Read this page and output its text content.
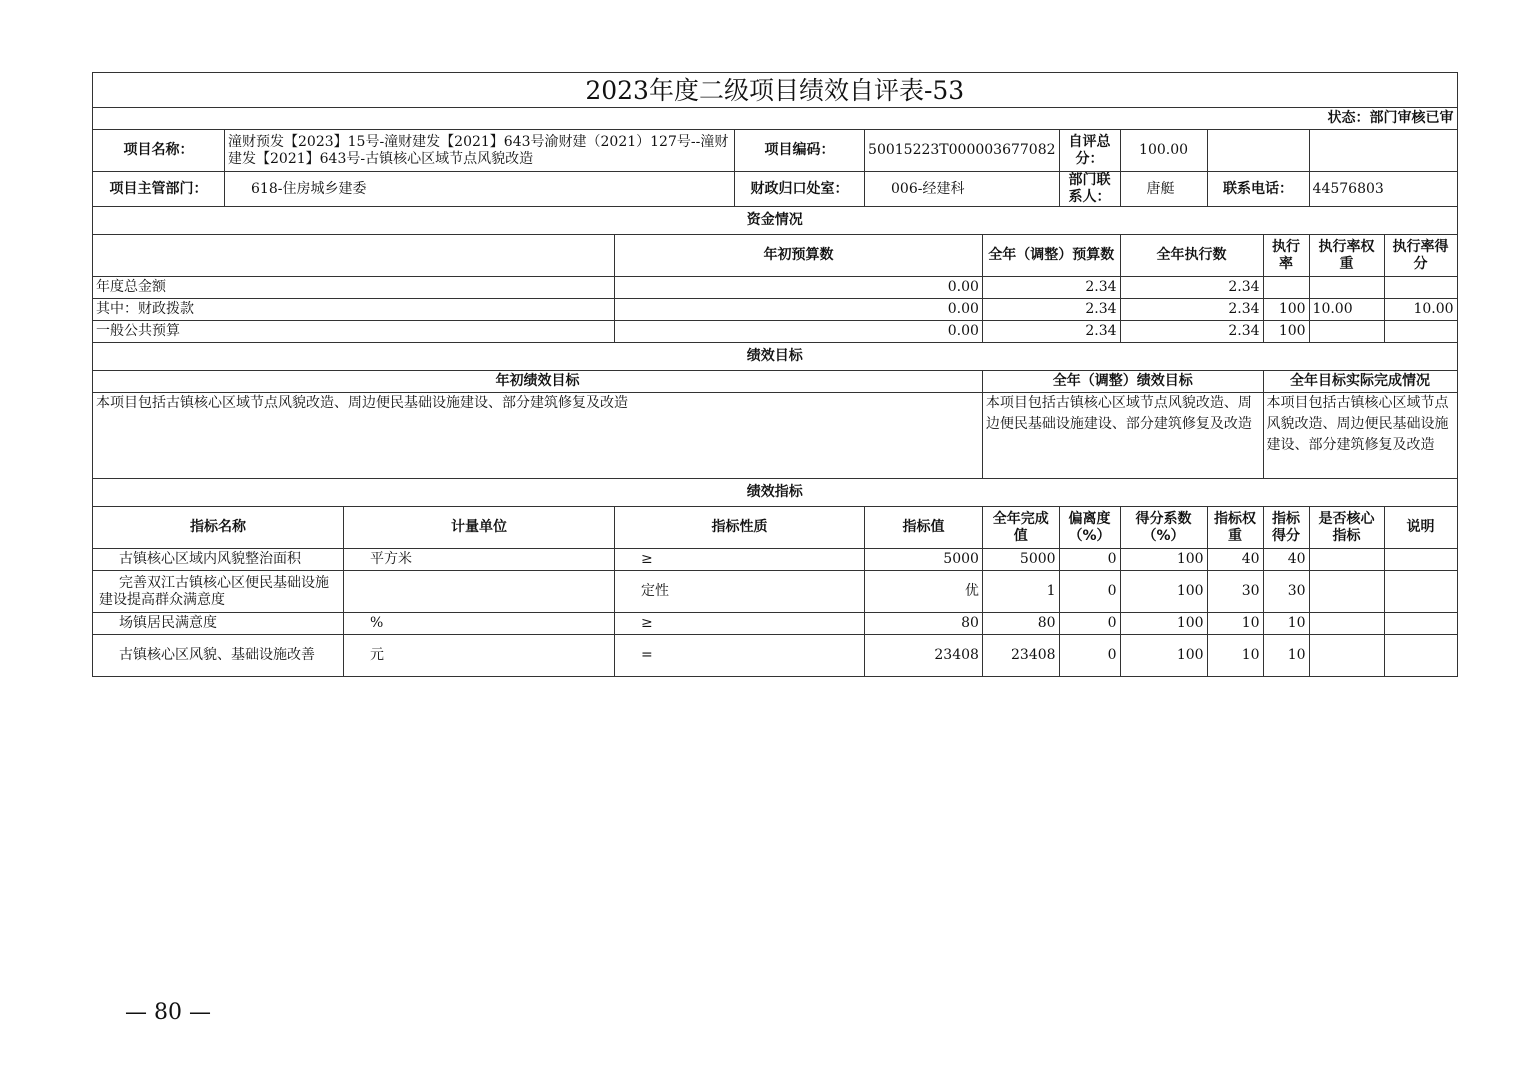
2023年度二级项目绩效自评表-53												
状态：部门审核已审												
项目名称：	潼财预发【2023】15号-潼财建发【2021】643号渝财建（2021）127号--潼财建发【2021】643号-古镇核心区域节点风貌改造			项目编码：	50015223T000003677082		自评总分：	100.00				
项目主管部门：	618-住房城乡建委			财政归口处室：	006-经建科		部门联系人：	唐艇	联系电话：		44576803	
资金情况												
			年初预算数			全年（调整）预算数		全年执行数		执行率	执行率权重	执行率得分
年度总金额			0.00			2.34		2.34				
其中：财政拨款			0.00			2.34		2.34		100	10.00	10.00
一般公共预算			0.00			2.34		2.34		100		
绩效目标												
年初绩效目标						全年（调整）绩效目标				全年目标实际完成情况		
本项目包括古镇核心区域节点风貌改造、周边便民基础设施建设、部分建筑修复及改造						本项目包括古镇核心区域节点风貌改造、周边便民基础设施建设、部分建筑修复及改造				本项目包括古镇核心区域节点风貌改造、周边便民基础设施建设、部分建筑修复及改造		
绩效指标												
指标名称		计量单位	指标性质		指标值	全年完成值	偏离度（%）	得分系数（%）	指标权重	指标得分	是否核心指标	说明
古镇核心区域内风貌整治面积		平方米	≥		5000	5000	0	100	40	40		
完善双江古镇核心区便民基础设施建设提高群众满意度			定性		优	1	0	100	30	30		
场镇居民满意度		%	≥		80	80	0	100	10	10		
古镇核心区风貌、基础设施改善		元	=		23408	23408	0	100	10	10		
— 80 —
